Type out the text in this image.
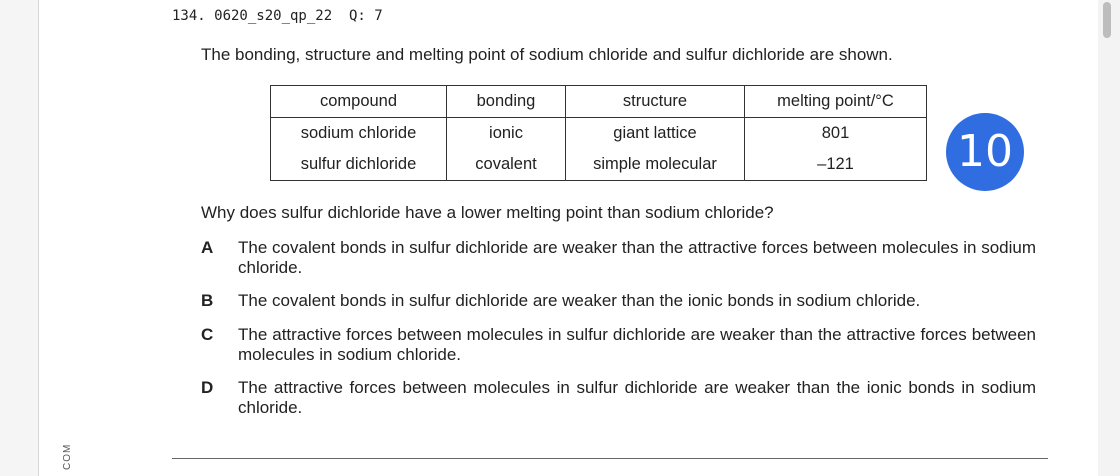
COM
134. 0620_s20_qp_22  Q: 7
The bonding, structure and melting point of sodium chloride and sulfur dichloride are shown.
compound	bonding	structure	melting point/°C
sodium chloride	ionic	giant lattice	801
sulfur dichloride	covalent	simple molecular	–121 10
Why does sulfur dichloride have a lower melting point than sodium chloride?
A The covalent bonds in sulfur dichloride are weaker than the attractive forces between molecules in sodium chloride.
B The covalent bonds in sulfur dichloride are weaker than the ionic bonds in sodium chloride.
C The attractive forces between molecules in sulfur dichloride are weaker than the attractive forces between molecules in sodium chloride.
D The attractive forces between molecules in sulfur dichloride are weaker than the ionic bonds in sodium chloride.
